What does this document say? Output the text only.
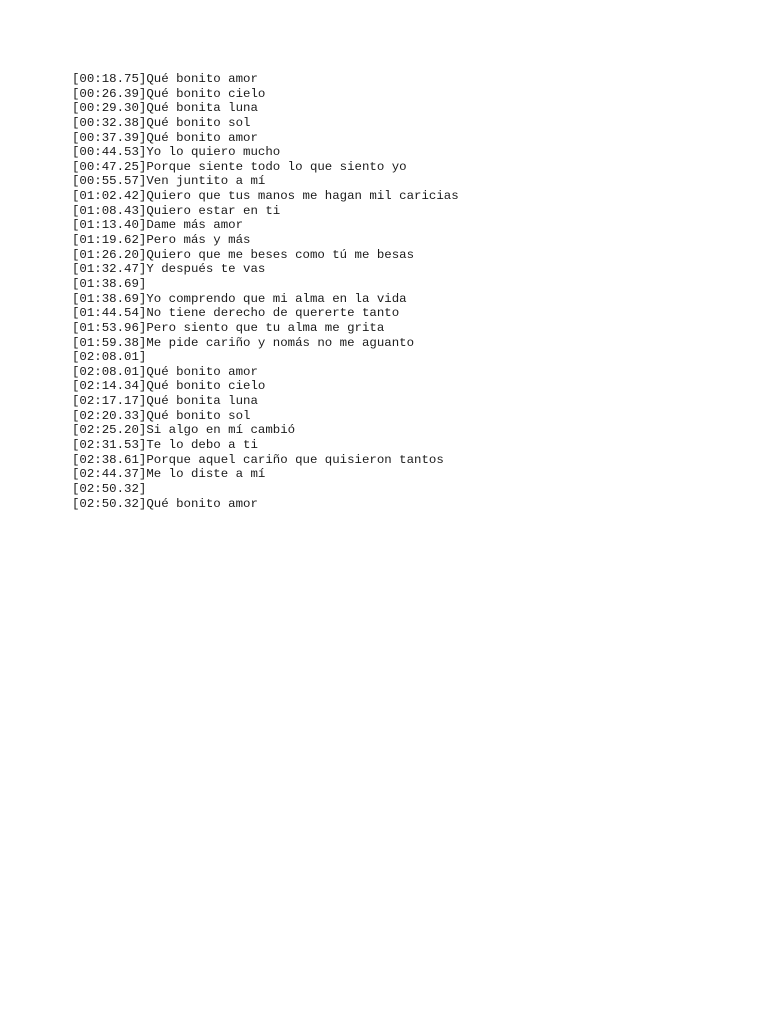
[00:18.75]Qué bonito amor
[00:26.39]Qué bonito cielo
[00:29.30]Qué bonita luna
[00:32.38]Qué bonito sol
[00:37.39]Qué bonito amor
[00:44.53]Yo lo quiero mucho
[00:47.25]Porque siente todo lo que siento yo
[00:55.57]Ven juntito a mí
[01:02.42]Quiero que tus manos me hagan mil caricias
[01:08.43]Quiero estar en ti
[01:13.40]Dame más amor
[01:19.62]Pero más y más
[01:26.20]Quiero que me beses como tú me besas
[01:32.47]Y después te vas
[01:38.69]
[01:38.69]Yo comprendo que mi alma en la vida
[01:44.54]No tiene derecho de quererte tanto
[01:53.96]Pero siento que tu alma me grita
[01:59.38]Me pide cariño y nomás no me aguanto
[02:08.01]
[02:08.01]Qué bonito amor
[02:14.34]Qué bonito cielo
[02:17.17]Qué bonita luna
[02:20.33]Qué bonito sol
[02:25.20]Si algo en mí cambió
[02:31.53]Te lo debo a ti
[02:38.61]Porque aquel cariño que quisieron tantos
[02:44.37]Me lo diste a mí
[02:50.32]
[02:50.32]Qué bonito amor
